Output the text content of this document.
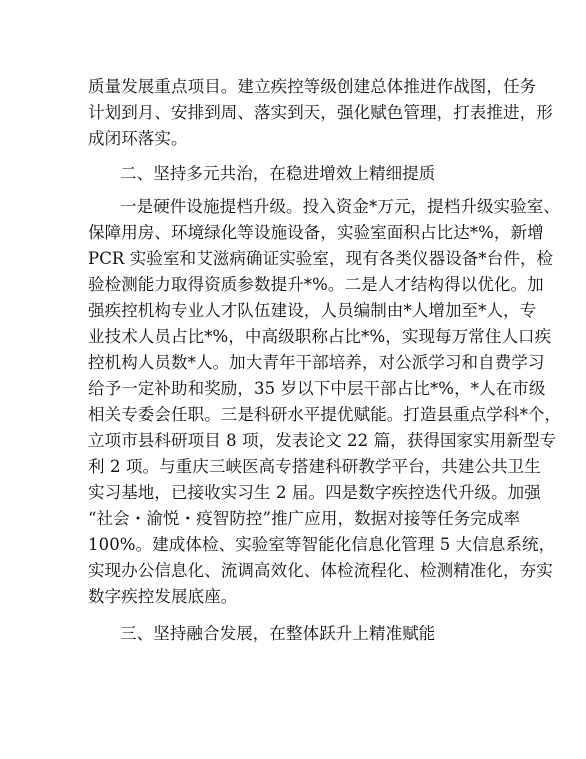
质量发展重点项目。建立疾控等级创建总体推进作战图，任务
计划到月、安排到周、落实到天，强化赋色管理，打表推进，形
成闭环落实。
二、坚持多元共治，在稳进增效上精细提质
一是硬件设施提档升级。投入资金*万元，提档升级实验室、
保障用房、环境绿化等设施设备，实验室面积占比达*%，新增
PCR 实验室和艾滋病确证实验室，现有各类仪器设备*台件，检
验检测能力取得资质参数提升*%。二是人才结构得以优化。加
强疾控机构专业人才队伍建设，人员编制由*人增加至*人，专
业技术人员占比*%，中高级职称占比*%，实现每万常住人口疾
控机构人员数*人。加大青年干部培养，对公派学习和自费学习
给予一定补助和奖励，35 岁以下中层干部占比*%，*人在市级
相关专委会任职。三是科研水平提优赋能。打造县重点学科*个，
立项市县科研项目 8 项，发表论文 22 篇，获得国家实用新型专
利 2 项。与重庆三峡医高专搭建科研教学平台，共建公共卫生
实习基地，已接收实习生 2 届。四是数字疾控迭代升级。加强
“社会・渝悦・疫智防控”推广应用，数据对接等任务完成率
100%。建成体检、实验室等智能化信息化管理 5 大信息系统，
实现办公信息化、流调高效化、体检流程化、检测精准化，夯实
数字疾控发展底座。
三、坚持融合发展，在整体跃升上精准赋能
